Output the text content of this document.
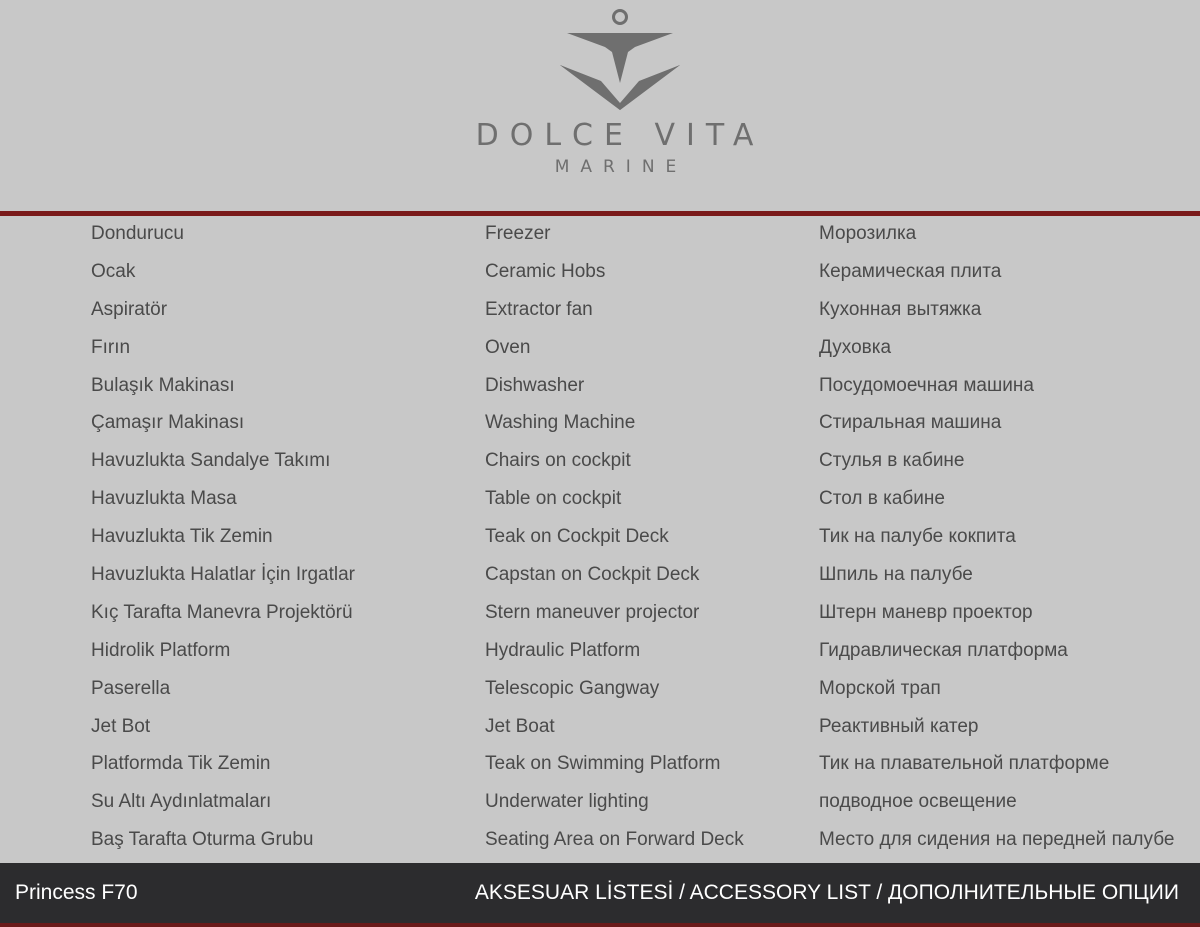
DOLCE VITA
MARINE
Dondurucu	Freezer	Морозилка
Ocak	Ceramic Hobs	Керамическая плита
Aspiratör	Extractor fan	Кухонная вытяжка
Fırın	Oven	Духовка
Bulaşık Makinası	Dishwasher	Посудомоечная машина
Çamaşır Makinası	Washing Machine	Стиральная машина
Havuzlukta Sandalye Takımı	Chairs on cockpit	Стулья в кабине
Havuzlukta Masa	Table on cockpit	Стол в кабине
Havuzlukta Tik Zemin	Teak on Cockpit Deck	Тик на палубе кокпита
Havuzlukta Halatlar İçin Irgatlar	Capstan on Cockpit Deck	Шпиль на палубе
Kıç Tarafta Manevra Projektörü	Stern maneuver projector	Штерн маневр проектор
Hidrolik Platform	Hydraulic Platform	Гидравлическая платформа
Paserella	Telescopic Gangway	Морской трап
Jet Bot	Jet Boat	Реактивный катер
Platformda Tik Zemin	Teak on Swimming Platform	Тик на плавательной платформе
Su Altı Aydınlatmaları	Underwater lighting	подводное освещение
Baş Tarafta Oturma Grubu	Seating Area on Forward Deck	Место для сидения на передней палубе
Princess F70	AKSESUAR LİSTESİ / ACCESSORY LIST / ДОПОЛНИТЕЛЬНЫЕ ОПЦИИ
